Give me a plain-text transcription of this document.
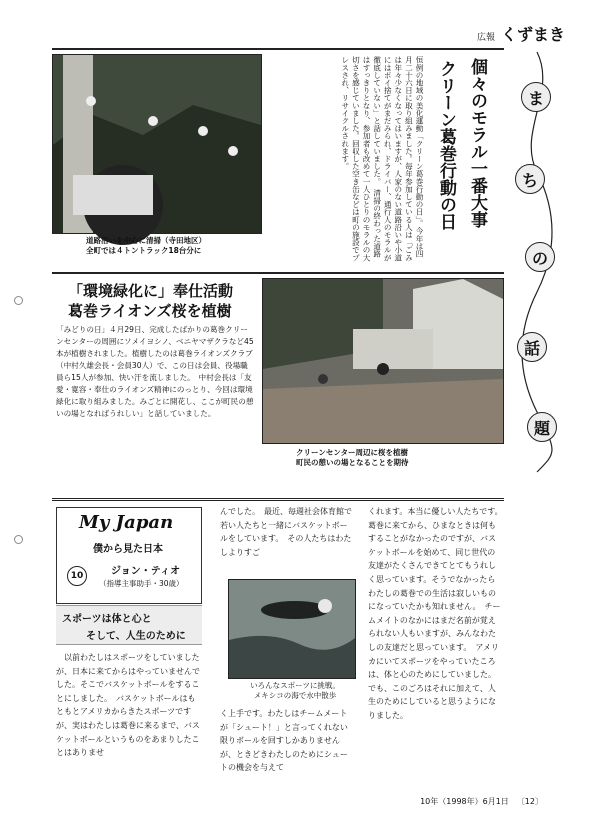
広報 くずまき
ま
ち
の
話
題
道路沿いを中心に清掃（寺田地区）
全町では４トントラック18台分に	恒例の地域の美化運動「クリーン葛巻行動の日」。今年は四月二十六日に取り組みました。毎年参加している人は「ごみは年々少なくなってはいますが、人家のない道路沿いや小道にはポイ捨てがまだみられ、ドライバー、通行人のモラルが徹底していない」と話していました。　清掃の終わった道路はすっきりとなり、参加者も改めて一人ひとりのモラルの大切さを感じていました。回収した空き缶などは町の施設でプレスされ、リサイクルされます。	個々のモラル一番大事
クリーン葛巻行動の日
「環境緑化に」奉仕活動
葛巻ライオンズ桜を植樹
「みどりの日」４月29日、完成したばかりの葛巻クリーンセンターの周囲にソメイヨシノ、ベニヤマザクラなど45本が植樹されました。植樹したのは葛巻ライオンズクラブ（中村久雄会長・会員30人）で、この日は会員、役場職員ら15人が参加、快い汗を流しました。　中村会長は「友愛・寛容・奉仕のライオンズ精神にのっとり、今回は環境緑化に取り組みました。みごとに開花し、ここが町民の憩いの場となればうれしい」と話していました。
クリーンセンター周辺に桜を植樹
町民の憩いの場となることを期待
My Japan
僕から見た日本
10	ジョン・ティオ
（指導主事助手・30歳）
スポーツは体と心と
そして、人生のために
　以前わたしはスポーツをしていましたが、日本に来てからはやっていませんでした。そこでバスケットボールをすることにしました。　バスケットボールはもともとアメリカからきたスポーツですが、実はわたしは葛巻に来るまで、バスケットボールというものをあまりしたことはありませ
んでした。　最近、毎週社会体育館で若い人たちと一緒にバスケットボールをしています。　その人たちはわたしよりすご
いろんなスポーツに挑戦。
メキシコの海で水中散歩
く上手です。わたしはチームメートが「シュート！」と言ってくれない限りボールを回すしかありませんが、ときどきわたしのためにシュートの機会を与えて
くれます。本当に優しい人たちです。　葛巻に来てから、ひまなときは何もすることがなかったのですが、バスケットボールを始めて、同じ世代の友達がたくさんできてとてもうれしく思っています。そうでなかったらわたしの葛巻での生活は寂しいものになっていたかも知れません。　チームメイトのなかにはまだ名前が覚えられない人もいますが、みんなわたしの友達だと思っています。　アメリカにいてスポーツをやっていたころは、体と心のためにしていました。でも、このごろはそれに加えて、人生のためにしていると思うようになりました。
10年（1998年）6月1日 〔12〕
